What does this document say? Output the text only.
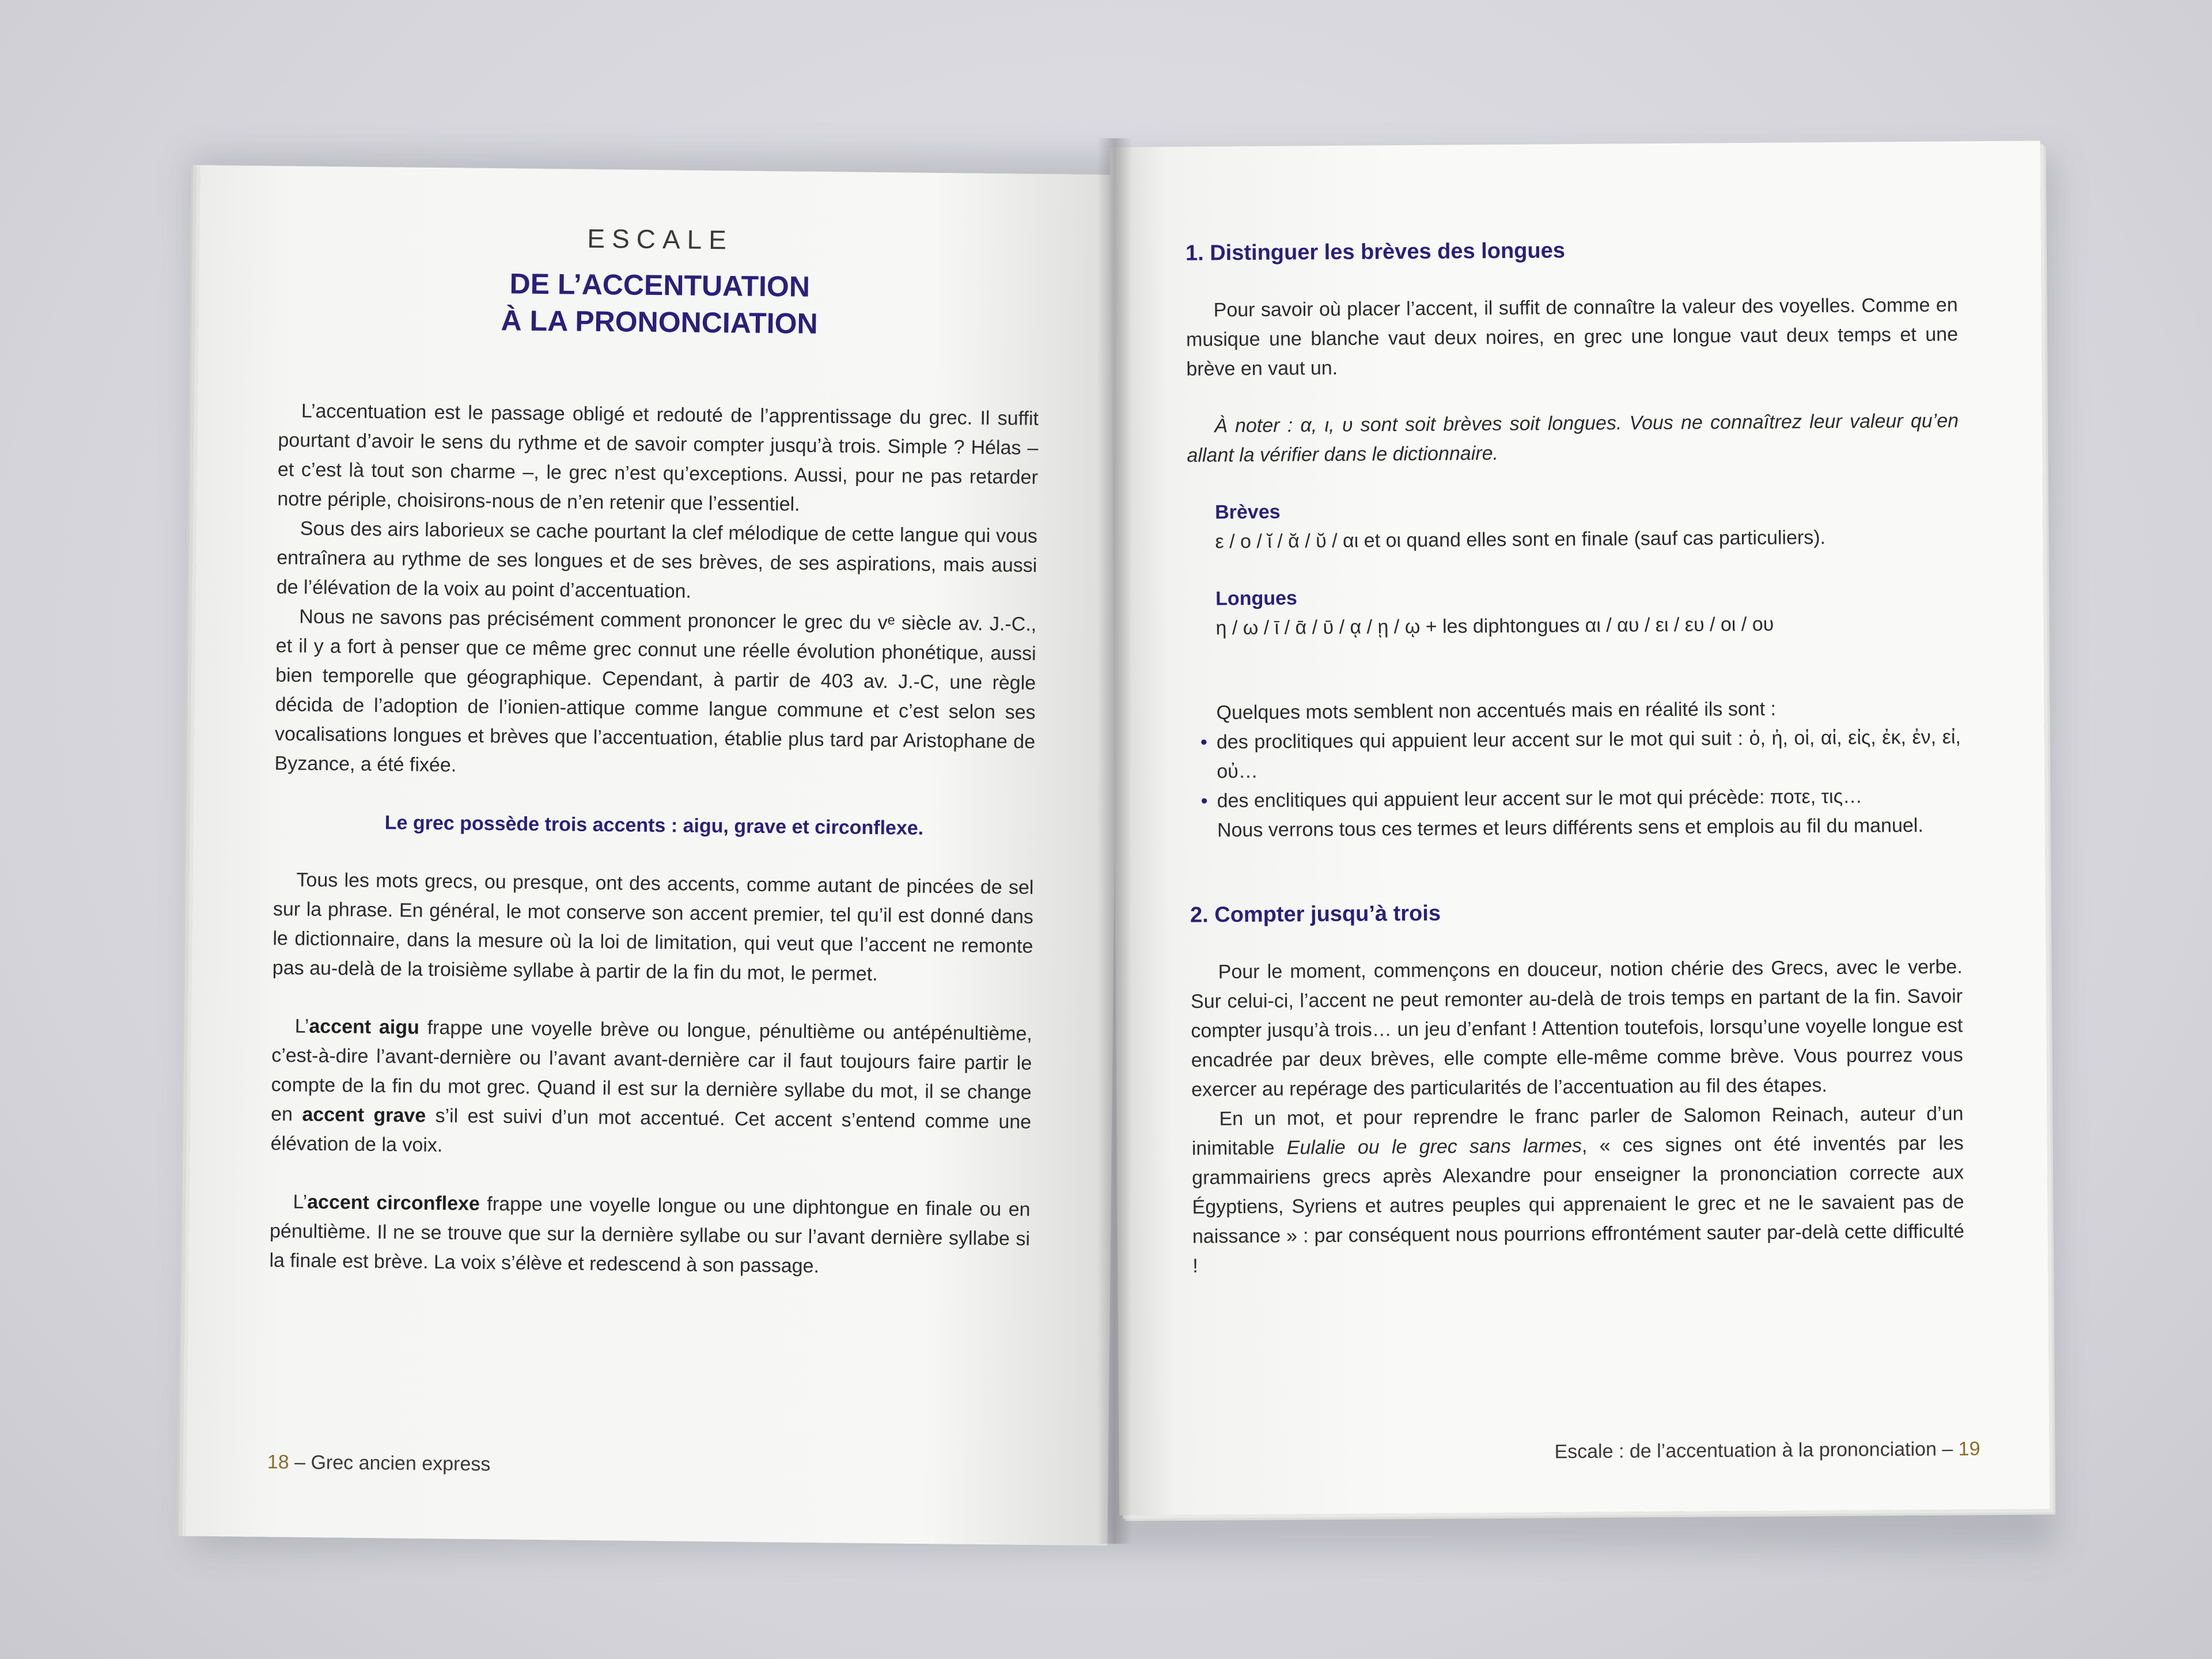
ESCALE
DE L’ACCENTUATION
À LA PRONONCIATION

L’accentuation est le passage obligé et redouté de l’apprentissage du grec. Il suffit pourtant d’avoir le sens du rythme et de savoir compter jusqu’à trois. Simple ? Hélas – et c’est là tout son charme –, le grec n’est qu’exceptions. Aussi, pour ne pas retarder notre périple, choisirons-nous de n’en retenir que l’essentiel.

Sous des airs laborieux se cache pourtant la clef mélodique de cette langue qui vous entraînera au rythme de ses longues et de ses brèves, de ses aspirations, mais aussi de l’élévation de la voix au point d’accentuation.

Nous ne savons pas précisément comment prononcer le grec du vᵉ siècle av. J.-C., et il y a fort à penser que ce même grec connut une réelle évolution phonétique, aussi bien temporelle que géographique. Cependant, à partir de 403 av. J.-C, une règle décida de l’adoption de l’ionien-attique comme langue commune et c’est selon ses vocalisations longues et brèves que l’accentuation, établie plus tard par Aristophane de Byzance, a été fixée.

Le grec possède trois accents : aigu, grave et circonflexe.

Tous les mots grecs, ou presque, ont des accents, comme autant de pincées de sel sur la phrase. En général, le mot conserve son accent premier, tel qu’il est donné dans le dictionnaire, dans la mesure où la loi de limitation, qui veut que l’accent ne remonte pas au-delà de la troisième syllabe à partir de la fin du mot, le permet.

L’accent aigu frappe une voyelle brève ou longue, pénultième ou antépénultième, c’est-à-dire l’avant-dernière ou l’avant avant-dernière car il faut toujours faire partir le compte de la fin du mot grec. Quand il est sur la dernière syllabe du mot, il se change en accent grave s’il est suivi d’un mot accentué. Cet accent s’entend comme une élévation de la voix.

L’accent circonflexe frappe une voyelle longue ou une diphtongue en finale ou en pénultième. Il ne se trouve que sur la dernière syllabe ou sur l’avant dernière syllabe si la finale est brève. La voix s’élève et redescend à son passage.

18 – Grec ancien express

1. Distinguer les brèves des longues

Pour savoir où placer l’accent, il suffit de connaître la valeur des voyelles. Comme en musique une blanche vaut deux noires, en grec une longue vaut deux temps et une brève en vaut un.

À noter : α, ι, υ sont soit brèves soit longues. Vous ne connaîtrez leur valeur qu’en allant la vérifier dans le dictionnaire.

Brèves

ε / ο / ῐ / ᾰ / ῠ / αι et οι quand elles sont en finale (sauf cas particuliers).

Longues

η / ω / ῑ / ᾱ / ῡ / ᾳ / ῃ / ῳ + les diphtongues αι / αυ / ει / ευ / οι / ου

Quelques mots semblent non accentués mais en réalité ils sont :

• des proclitiques qui appuient leur accent sur le mot qui suit : ὁ, ἡ, οἱ, αἱ, εἰς, ἐκ, ἐν, εἰ, οὐ…
• des enclitiques qui appuient leur accent sur le mot qui précède: ποτε, τις…

Nous verrons tous ces termes et leurs différents sens et emplois au fil du manuel.

2. Compter jusqu’à trois

Pour le moment, commençons en douceur, notion chérie des Grecs, avec le verbe. Sur celui-ci, l’accent ne peut remonter au-delà de trois temps en partant de la fin. Savoir compter jusqu’à trois… un jeu d’enfant ! Attention toutefois, lorsqu’une voyelle longue est encadrée par deux brèves, elle compte elle-même comme brève. Vous pourrez vous exercer au repérage des particularités de l’accentuation au fil des étapes.

En un mot, et pour reprendre le franc parler de Salomon Reinach, auteur d’un inimitable Eulalie ou le grec sans larmes, « ces signes ont été inventés par les grammairiens grecs après Alexandre pour enseigner la prononciation correcte aux Égyptiens, Syriens et autres peuples qui apprenaient le grec et ne le savaient pas de naissance » : par conséquent nous pourrions effrontément sauter par-delà cette difficulté !

Escale : de l’accentuation à la prononciation – 19
